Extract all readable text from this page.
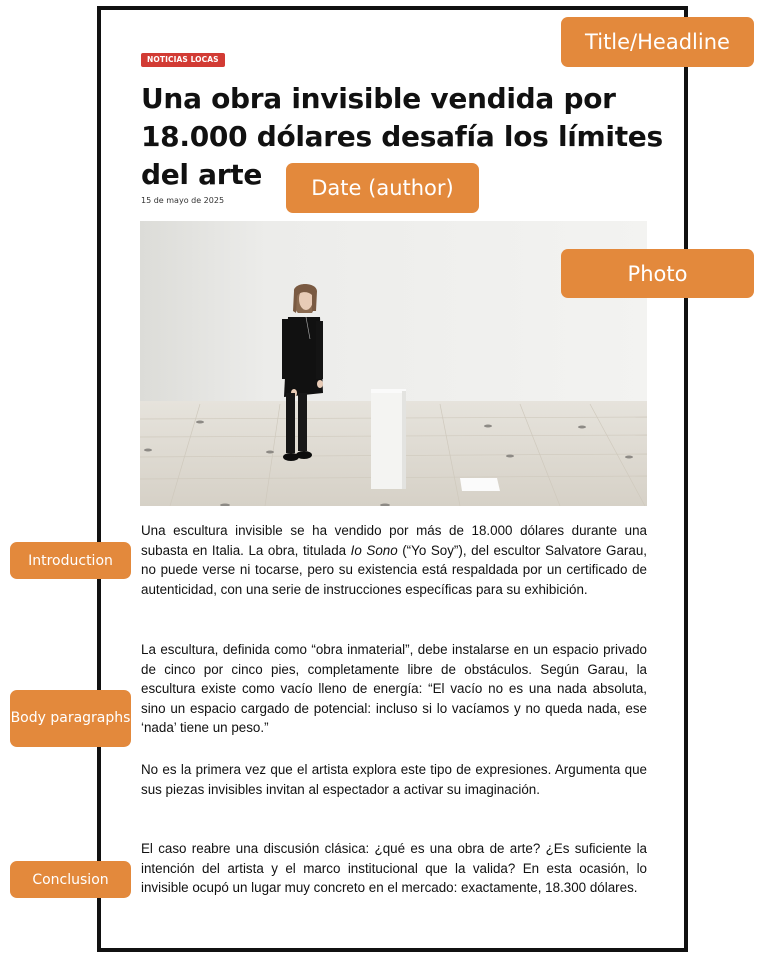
NOTICIAS LOCAS
Una obra invisible vendida por 18.000 dólares desafía los límites del arte
15 de mayo de 2025

Una escultura invisible se ha vendido por más de 18.000 dólares durante una subasta en Italia. La obra, titulada Io Sono (“Yo Soy”), del escultor Salvatore Garau, no puede verse ni tocarse, pero su existencia está respaldada por un certificado de autenticidad, con una serie de instrucciones específicas para su exhibición.

La escultura, definida como “obra inmaterial”, debe instalarse en un espacio privado de cinco por cinco pies, completamente libre de obstáculos. Según Garau, la escultura existe como vacío lleno de energía: “El vacío no es una nada absoluta, sino un espacio cargado de potencial: incluso si lo vacíamos y no queda nada, ese ‘nada’ tiene un peso.”

No es la primera vez que el artista explora este tipo de expresiones. Argumenta que sus piezas invisibles invitan al espectador a activar su imaginación.

El caso reabre una discusión clásica: ¿qué es una obra de arte? ¿Es suficiente la intención del artista y el marco institucional que la valida? En esta ocasión, lo invisible ocupó un lugar muy concreto en el mercado: exactamente, 18.300 dólares.

Title/Headline
Date (author)
Photo
Introduction
Body paragraphs
Conclusion
